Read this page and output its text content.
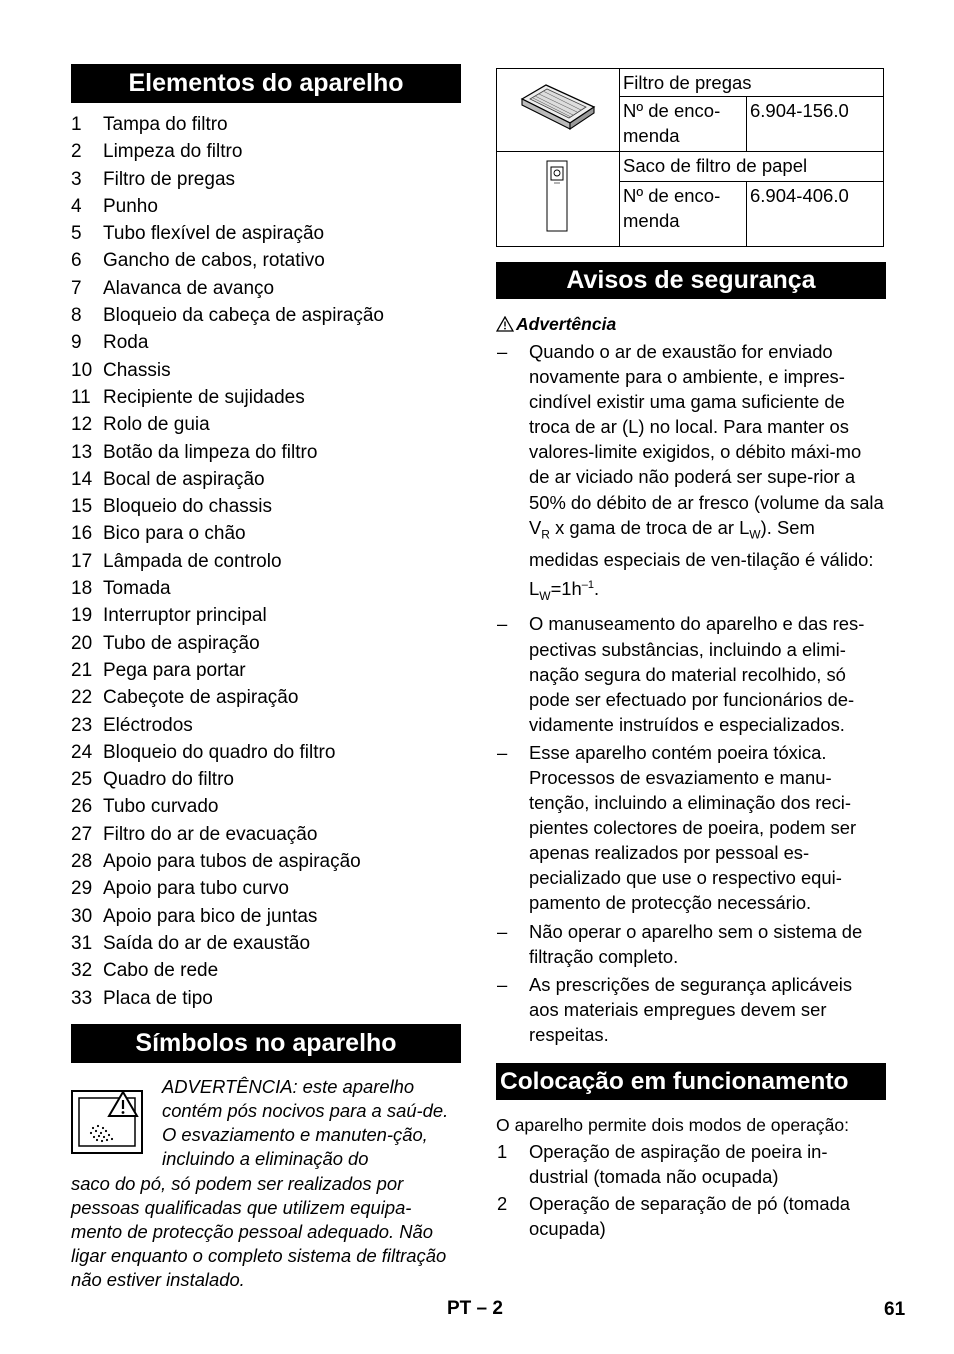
Elementos do aparelho
1 Tampa do filtro
2 Limpeza do filtro
3 Filtro de pregas
4 Punho
5 Tubo flexível de aspiração
6 Gancho de cabos, rotativo
7 Alavanca de avanço
8 Bloqueio da cabeça de aspiração
9 Roda
10 Chassis
11 Recipiente de sujidades
12 Rolo de guia
13 Botão da limpeza do filtro
14 Bocal de aspiração
15 Bloqueio do chassis
16 Bico para o chão
17 Lâmpada de controlo
18 Tomada
19 Interruptor principal
20 Tubo de aspiração
21 Pega para portar
22 Cabeçote de aspiração
23 Eléctrodos
24 Bloqueio do quadro do filtro
25 Quadro do filtro
26 Tubo curvado
27 Filtro do ar de evacuação
28 Apoio para tubos de aspiração
29 Apoio para tubo curvo
30 Apoio para bico de juntas
31 Saída do ar de exaustão
32 Cabo de rede
33 Placa de tipo
Símbolos no aparelho
ADVERTÊNCIA: este aparelho contém pós nocivos para a saú-de. O esvaziamento e manuten-ção, incluindo a eliminação do
saco do pó, só podem ser realizados por pessoas qualificadas que utilizem equipa-mento de protecção pessoal adequado. Não ligar enquanto o completo sistema de filtração não estiver instalado.
	Filtro de pregas	
	Nº de enco-menda	6.904-156.0
	Saco de filtro de papel	
	Nº de enco-menda	6.904-406.0
Avisos de segurança
Advertência
– Quando o ar de exaustão for enviado novamente para o ambiente, e impres-cindível existir uma gama suficiente de troca de ar (L) no local. Para manter os valores-limite exigidos, o débito máxi-mo de ar viciado não poderá ser supe-rior a 50% do débito de ar fresco (volume da sala $V_R$ x gama de troca de ar $L_W$). Sem medidas especiais de ven-tilação é válido: $L_W=1h^{-1}$.
– O manuseamento do aparelho e das res-pectivas substâncias, incluindo a elimi-nação segura do material recolhido, só pode ser efectuado por funcionários de-vidamente instruídos e especializados.
– Esse aparelho contém poeira tóxica. Processos de esvaziamento e manu-tenção, incluindo a eliminação dos reci-pientes colectores de poeira, podem ser apenas realizados por pessoal es-pecializado que use o respectivo equi-pamento de protecção necessário.
– Não operar o aparelho sem o sistema de filtração completo.
– As prescrições de segurança aplicáveis aos materiais empregues devem ser respeitas.
Colocação em funcionamento
O aparelho permite dois modos de operação:
1 Operação de aspiração de poeira in-dustrial (tomada não ocupada)
2 Operação de separação de pó (tomada ocupada)
PT – 2	61
